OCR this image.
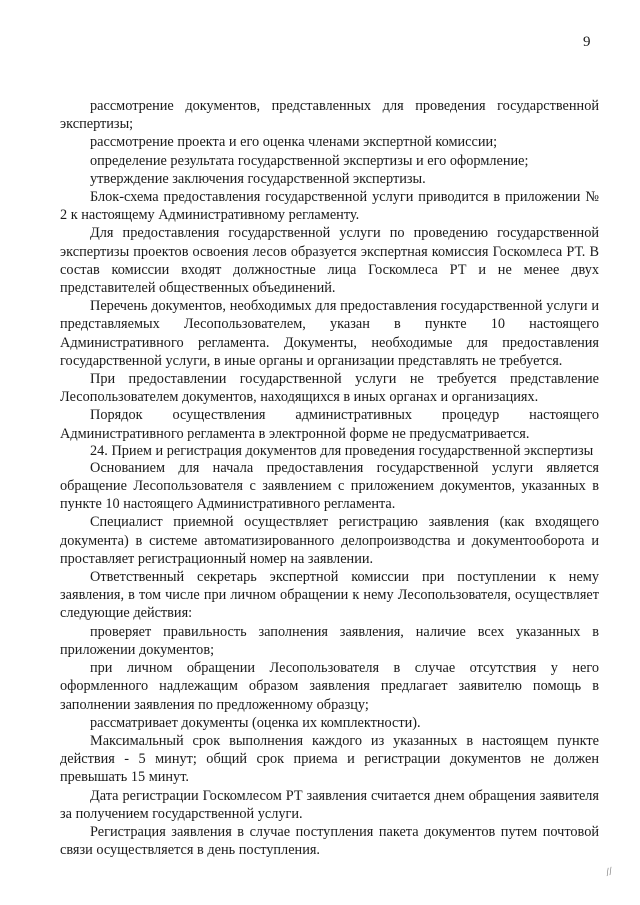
9

рассмотрение документов, представленных для проведения государственной экспертизы;

рассмотрение проекта и его оценка членами экспертной комиссии;

определение результата государственной экспертизы и его оформление;

утверждение заключения государственной экспертизы.

Блок-схема предоставления государственной услуги приводится в приложении № 2 к настоящему Административному регламенту.

Для предоставления государственной услуги по проведению государственной экспертизы проектов освоения лесов образуется экспертная комиссия Госкомлеса РТ. В состав комиссии входят должностные лица Госкомлеса РТ и не менее двух представителей общественных объединений.

Перечень документов, необходимых для предоставления государственной услуги и представляемых Лесопользователем, указан в пункте 10 настоящего Административного регламента. Документы, необходимые для предоставления государственной услуги, в иные органы и организации представлять не требуется.

При предоставлении государственной услуги не требуется представление Лесопользователем документов, находящихся в иных органах и организациях.

Порядок осуществления административных процедур настоящего Административного регламента в электронной форме не предусматривается.

24. Прием и регистрация документов для проведения государственной экспертизы

Основанием для начала предоставления государственной услуги является обращение Лесопользователя с заявлением с приложением документов, указанных в пункте 10 настоящего Административного регламента.

Специалист приемной осуществляет регистрацию заявления (как входящего документа) в системе автоматизированного делопроизводства и документооборота и проставляет регистрационный номер на заявлении.

Ответственный секретарь экспертной комиссии при поступлении к нему заявления, в том числе при личном обращении к нему Лесопользователя, осуществляет следующие действия:

проверяет правильность заполнения заявления, наличие всех указанных в приложении документов;

при личном обращении Лесопользователя в случае отсутствия у него оформленного надлежащим образом заявления предлагает заявителю помощь в заполнении заявления по предложенному образцу;

рассматривает документы (оценка их комплектности).

Максимальный срок выполнения каждого из указанных в настоящем пункте действия - 5 минут; общий срок приема и регистрации документов не должен превышать 15 минут.

Дата регистрации Госкомлесом РТ заявления считается днем обращения заявителя за получением государственной услуги.

Регистрация заявления в случае поступления пакета документов путем почтовой связи осуществляется в день поступления.

//
